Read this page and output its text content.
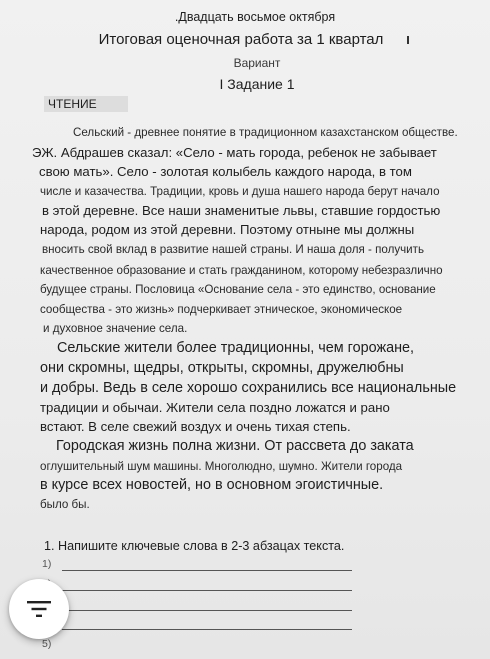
.Двадцать восьмое октября
Итоговая оценочная работа за 1 квартал
Вариант
I Задание 1
ЧТЕНИЕ
Сельский - древнее понятие в традиционном казахстанском обществе.
ЭЖ. Абдрашев сказал: «Село - мать города, ребенок не забывает
свою мать». Село - золотая колыбель каждого народа, в том
числе и казачества. Традиции, кровь и душа нашего народа берут начало
в этой деревне. Все наши знаменитые львы, ставшие гордостью
народа, родом из этой деревни. Поэтому отныне мы должны
вносить свой вклад в развитие нашей страны. И наша доля - получить
качественное образование и стать гражданином, которому небезразлично
будущее страны. Пословица «Основание села - это единство, основание
сообщества - это жизнь» подчеркивает этническое, экономическое
и духовное значение села.
Сельские жители более традиционны, чем горожане,
они скромны, щедры, открыты, скромны, дружелюбны
и добры. Ведь в селе хорошо сохранились все национальные
традиции и обычаи. Жители села поздно ложатся и рано
встают. В селе свежий воздух и очень тихая степь.
Городская жизнь полна жизни. От рассвета до заката
оглушительный шум машины. Многолюдно, шумно. Жители города
в курсе всех новостей, но в основном эгоистичные.
было бы.
1. Напишите ключевые слова в 2-3 абзацах текста.
1)
5)
